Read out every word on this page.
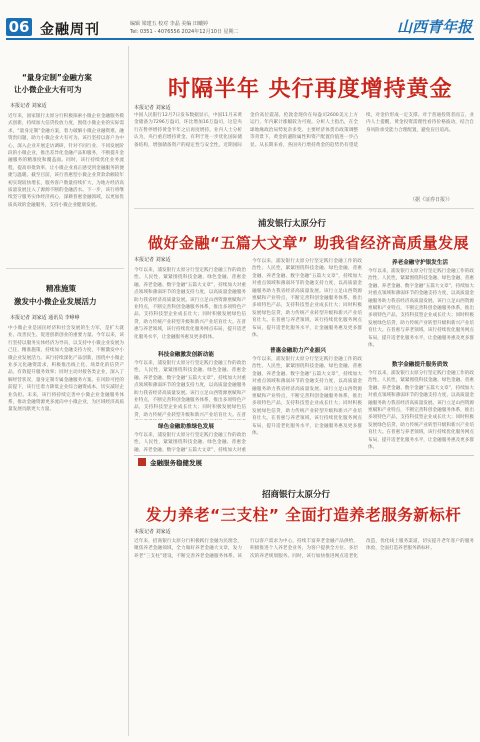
06 金融周刊	编辑 梁建五 校对 李晶 美编 田曦婷
Tel: 0351 - 4076556 2024年12月10日 星期二	山西青年报
“量身定制”金融方案
让小微企业大有可为
本报记者 刘家适
近年来，国家银行太原分行积极探索小微企业金融服务模式创新，持续加大信贷投放力度，围绕小微企业的实际需求，“量身定制”金融方案，着力破解小微企业融资难、融资贵问题，助力小微企业大有可为。该行坚持以客户为中心，深入企业开展走访调研，针对不同行业、不同发展阶段的小微企业，推出差异化金融产品和服务，不断提升金融服务的精准度和覆盖面。同时，该行持续优化业务流程，提高审批效率，让小微企业真正感受到金融服务的便捷与温暖。截至目前，该行普惠型小微企业贷款余额较年初实现较快增长，服务客户数量持续扩大，为地方经济高质量发展注入了源源不断的金融活水。下一步，该行将继续坚守服务实体经济初心，深耕普惠金融领域，以更加优质高效的金融服务，支持小微企业健康发展。
精准施策
激发中小微企业发展活力
本报记者 刘家适 通讯员 李峥峥
中小微企业是国民经济和社会发展的生力军，是扩大就业、改善民生、促进创新创业的重要力量。今年以来，该行坚持以服务实体经济为导向，以支持中小微企业发展为己任，精准施策，持续加大金融支持力度，不断激发中小微企业发展活力。该行持续深化产品创新，围绕中小微企业多元化融资需求，积极推出线上化、场景化的信贷产品，有效提升服务效率；同时主动对接各类企业，深入了解经营状况，量身定制专属金融服务方案。在风险可控的前提下，该行还着力降低企业综合融资成本，切实减轻企业负担。未来，该行将持续完善中小微企业金融服务体系，推动金融资源更多流向中小微企业，为区域经济高质量发展贡献更大力量。
时隔半年 央行再度增持黄金
本报记者 刘家适
中国人民银行12月7日发布数据显示，中国11月末黄金储备为7296万盎司，环比增加16万盎司，这是央行在暂停增持黄金半年之后再度增持。业内人士分析认为，央行重启增持黄金，有利于进一步优化国际储备结构，增强储备资产的稳定性与安全性。近期国际金价高位震荡，伦敦金现价在每盎司2600美元上方运行，年内累计涨幅较为可观。分析人士指出，在全球地缘政治局势复杂多变、主要经济体货币政策调整等背景下，黄金的避险属性和资产配置价值进一步凸显。从长期来看，各国央行增持黄金的趋势仍有望延续，对金价形成一定支撑。对于普通投资者而言，业内人士提醒，黄金投资需理性看待价格波动，结合自身风险承受能力合理配置，避免盲目追高。
（据《证券日报》）
浦发银行太原分行
做好金融“五篇大文章” 助我省经济高质量发展
本报记者 刘家适
今年以来，浦发银行太原分行坚定践行金融工作的政治性、人民性，紧紧围绕科技金融、绿色金融、普惠金融、养老金融、数字金融“五篇大文章”，持续加大对重点领域和薄弱环节的金融支持力度，以高质量金融服务助力我省经济高质量发展。该行立足山西资源禀赋和产业特点，不断完善科创金融服务体系，推出多项特色产品，支持科技型企业成长壮大；同时积极发展绿色信贷，助力传统产业转型升级和新兴产业培育壮大。在普惠与养老领域，该行持续优化服务网点布局，提升适老化服务水平，让金融服务惠及更多群体。
科技金融激发创新动能
今年以来，浦发银行太原分行坚定践行金融工作的政治性、人民性，紧紧围绕科技金融、绿色金融、普惠金融、养老金融、数字金融“五篇大文章”，持续加大对重点领域和薄弱环节的金融支持力度，以高质量金融服务助力我省经济高质量发展。该行立足山西资源禀赋和产业特点，不断完善科创金融服务体系，推出多项特色产品，支持科技型企业成长壮大；同时积极发展绿色信贷，助力传统产业转型升级和新兴产业培育壮大。在普
绿色金融助推绿色发展
今年以来，浦发银行太原分行坚定践行金融工作的政治性、人民性，紧紧围绕科技金融、绿色金融、普惠金融、养老金融、数字金融“五篇大文章”，持续加大对重
今年以来，浦发银行太原分行坚定践行金融工作的政治性、人民性，紧紧围绕科技金融、绿色金融、普惠金融、养老金融、数字金融“五篇大文章”，持续加大对重点领域和薄弱环节的金融支持力度，以高质量金融服务助力我省经济高质量发展。该行立足山西资源禀赋和产业特点，不断完善科创金融服务体系，推出多项特色产品，支持科技型企业成长壮大；同时积极发展绿色信贷，助力传统产业转型升级和新兴产业培育壮大。在普惠与养老领域，该行持续优化服务网点布局，提升适老化服务水平，让金融服务惠及更多群体。
普惠金融助力产业振兴
今年以来，浦发银行太原分行坚定践行金融工作的政治性、人民性，紧紧围绕科技金融、绿色金融、普惠金融、养老金融、数字金融“五篇大文章”，持续加大对重点领域和薄弱环节的金融支持力度，以高质量金融服务助力我省经济高质量发展。该行立足山西资源禀赋和产业特点，不断完善科创金融服务体系，推出多项特色产品，支持科技型企业成长壮大；同时积极发展绿色信贷，助力传统产业转型升级和新兴产业培育壮大。在普惠与养老领域，该行持续优化服务网点布局，提升适老化服务水平，让金融服务惠及更多群体。
养老金融守护银发生活
今年以来，浦发银行太原分行坚定践行金融工作的政治性、人民性，紧紧围绕科技金融、绿色金融、普惠金融、养老金融、数字金融“五篇大文章”，持续加大对重点领域和薄弱环节的金融支持力度，以高质量金融服务助力我省经济高质量发展。该行立足山西资源禀赋和产业特点，不断完善科创金融服务体系，推出多项特色产品，支持科技型企业成长壮大；同时积极发展绿色信贷，助力传统产业转型升级和新兴产业培育壮大。在普惠与养老领域，该行持续优化服务网点布局，提升适老化服务水平，让金融服务惠及更多群体。
数字金融提升服务质效
今年以来，浦发银行太原分行坚定践行金融工作的政治性、人民性，紧紧围绕科技金融、绿色金融、普惠金融、养老金融、数字金融“五篇大文章”，持续加大对重点领域和薄弱环节的金融支持力度，以高质量金融服务助力我省经济高质量发展。该行立足山西资源禀赋和产业特点，不断完善科创金融服务体系，推出多项特色产品，支持科技型企业成长壮大；同时积极发展绿色信贷，助力传统产业转型升级和新兴产业培育壮大。在普惠与养老领域，该行持续优化服务网点布局，提升适老化服务水平，让金融服务惠及更多群体。
金融服务稳健发展
招商银行太原分行
发力养老“三支柱” 全面打造养老服务新标杆
本报记者 刘家适
近年来，招商银行太原分行积极践行金融为民理念，聚焦养老金融领域，全力做好养老金融大文章，发力养老“三支柱”建设，不断完善养老金融服务体系。该行以客户需求为中心，持续丰富养老金融产品供给，积极推进个人养老金业务，为客户提供全方位、多层次的养老规划服务。同时，该行加快推进网点适老化改造，优化线上服务渠道，切实提升老年客户的服务体验，全面打造养老服务新标杆。
